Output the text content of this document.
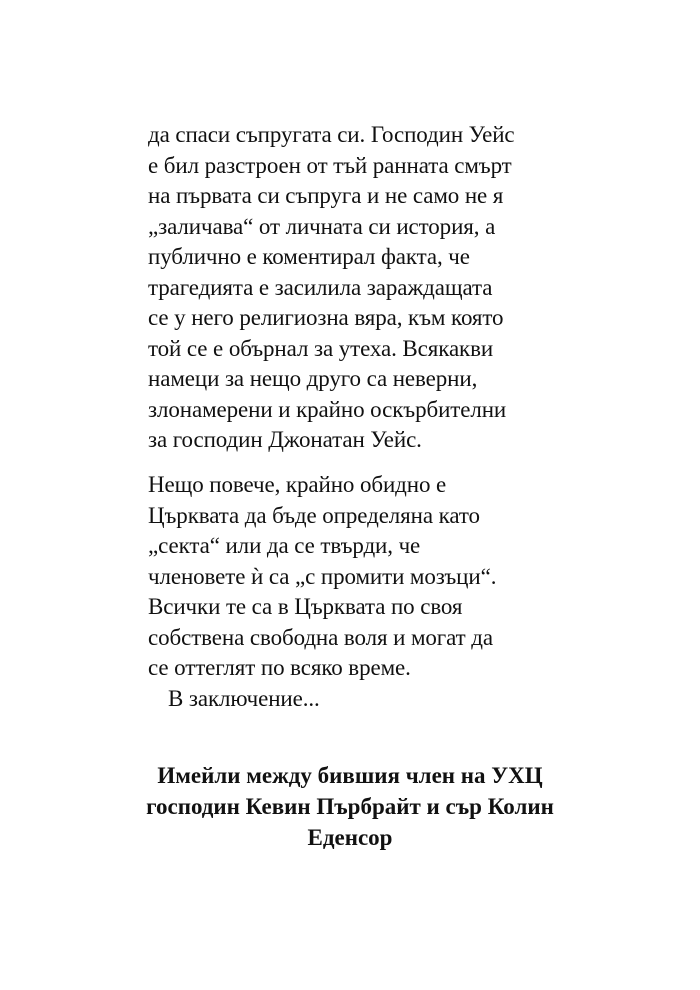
да спаси съпругата си. Господин Уейс
е бил разстроен от тъй ранната смърт
на първата си съпруга и не само не я
„заличава“ от личната си история, а
публично е коментирал факта, че
трагедията е засилила зараждащата
се у него религиозна вяра, към която
той се е обърнал за утеха. Всякакви
намеци за нещо друго са неверни,
злонамерени и крайно оскърбителни
за господин Джонатан Уейс.
Нещо повече, крайно обидно е
Църквата да бъде определяна като
„секта“ или да се твърди, че
членовете ѝ са „с промити мозъци“.
Всички те са в Църквата по своя
собствена свободна воля и могат да
се оттеглят по всяко време.
В заключение...
Имейли между бившия член на УХЦ
господин Кевин Пърбрайт и сър Колин
Еденсор
